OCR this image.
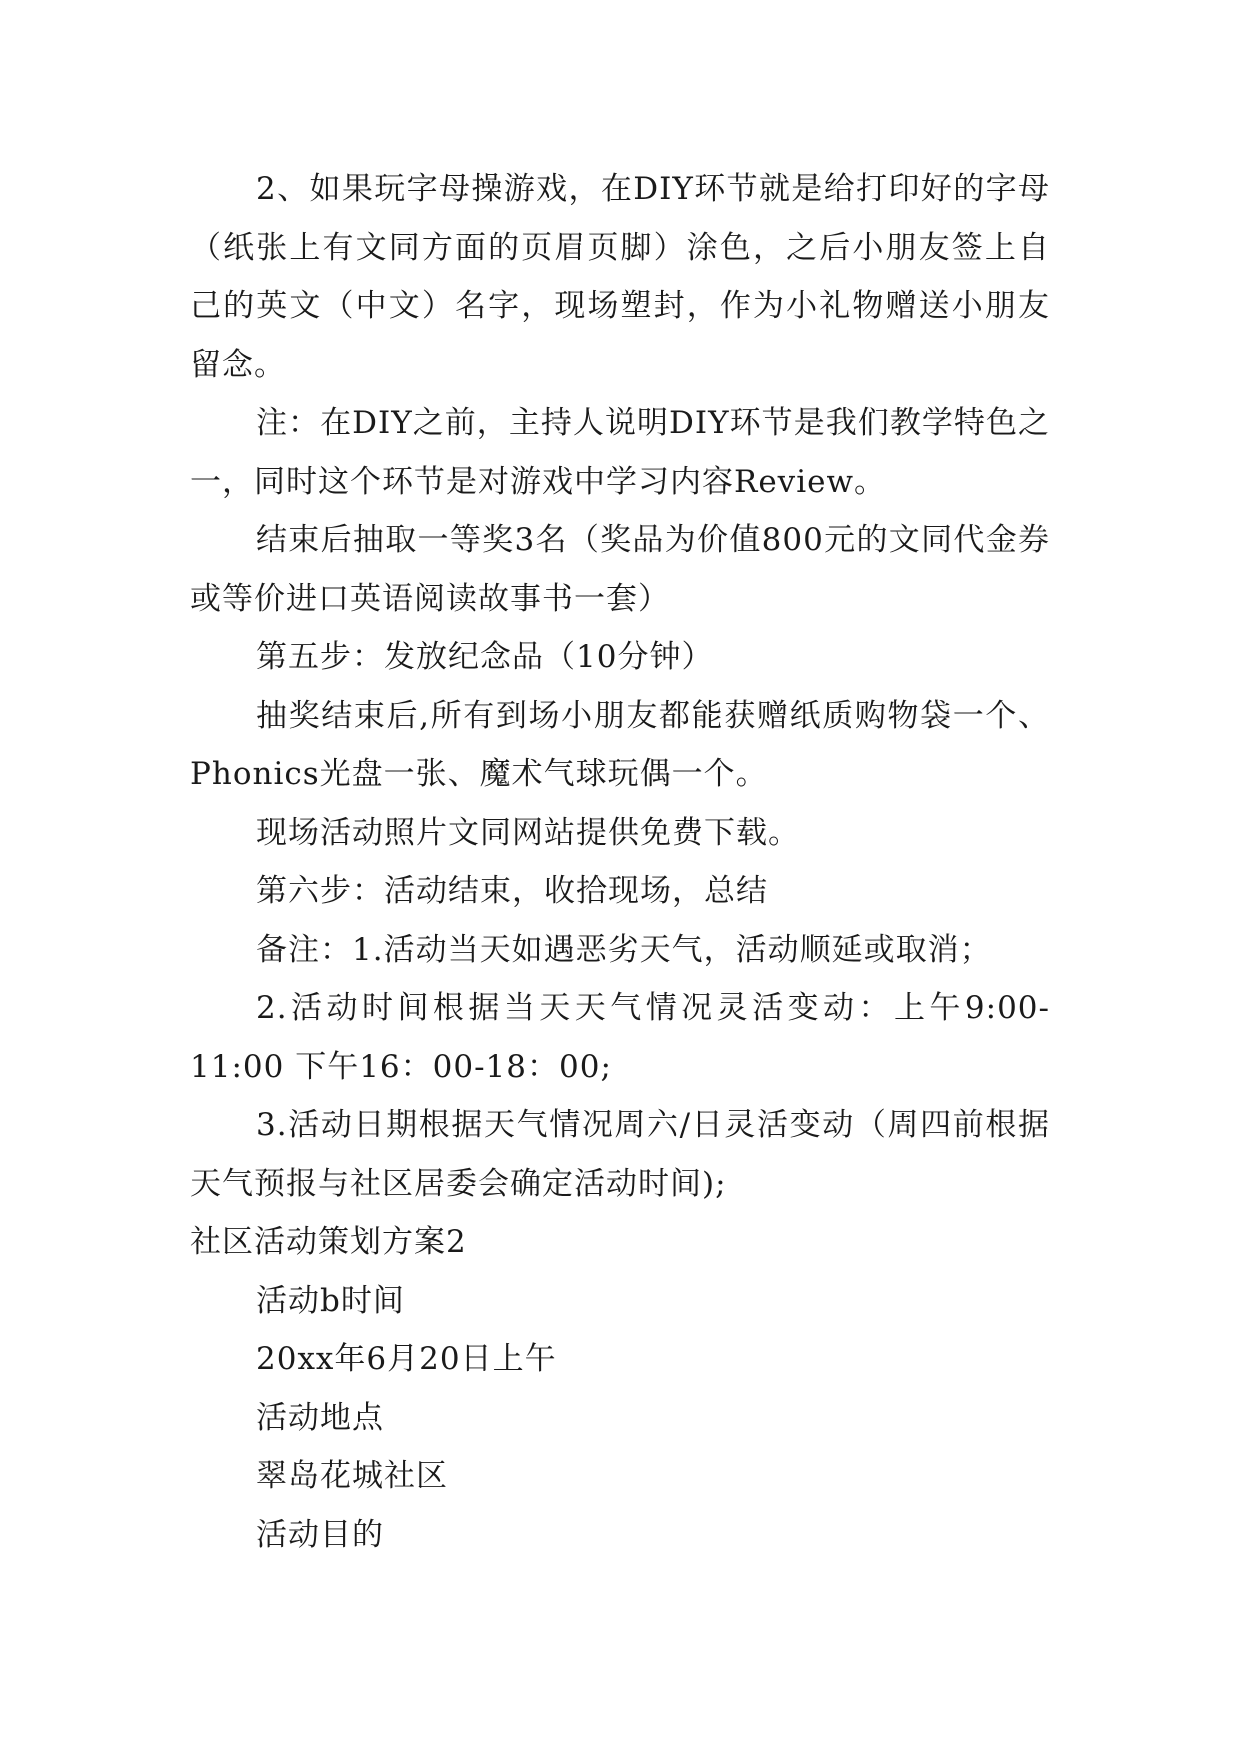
2、如果玩字母操游戏，在DIY环节就是给打印好的字母（纸张上有文同方面的页眉页脚）涂色，之后小朋友签上自己的英文（中文）名字，现场塑封，作为小礼物赠送小朋友留念。

注：在DIY之前，主持人说明DIY环节是我们教学特色之一，同时这个环节是对游戏中学习内容Review。

结束后抽取一等奖3名（奖品为价值800元的文同代金券或等价进口英语阅读故事书一套）

第五步：发放纪念品（10分钟）

抽奖结束后,所有到场小朋友都能获赠纸质购物袋一个、Phonics光盘一张、魔术气球玩偶一个。

现场活动照片文同网站提供免费下载。

第六步：活动结束，收拾现场，总结

备注：1.活动当天如遇恶劣天气，活动顺延或取消；

2.活动时间根据当天天气情况灵活变动：上午9:00-11:00 下午16：00-18：00;

3.活动日期根据天气情况周六/日灵活变动（周四前根据天气预报与社区居委会确定活动时间);

社区活动策划方案2

活动b时间

20xx年6月20日上午

活动地点

翠岛花城社区

活动目的
